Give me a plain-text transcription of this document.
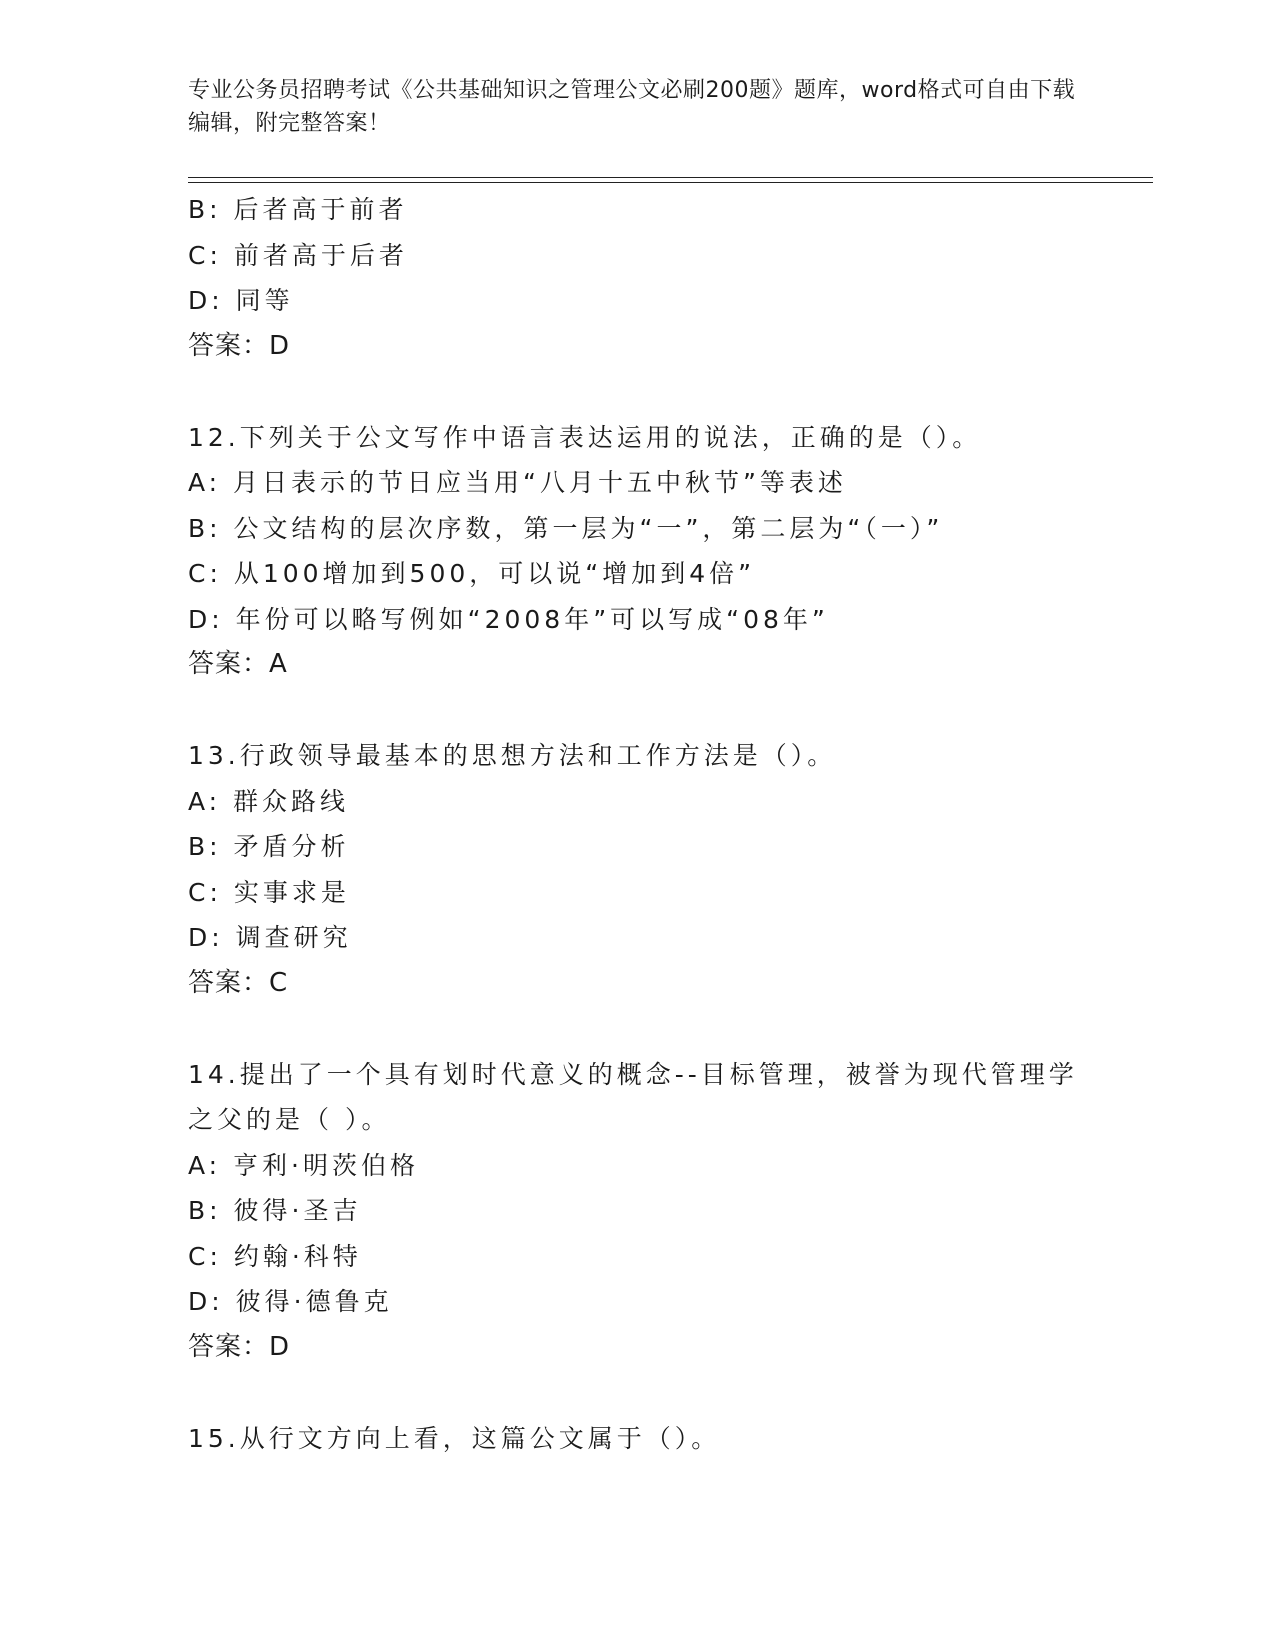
专业公务员招聘考试《公共基础知识之管理公文必刷200题》题库，word格式可自由下载编辑，附完整答案！
B: 后者高于前者
C: 前者高于后者
D: 同等
答案：D
12.下列关于公文写作中语言表达运用的说法，正确的是（）。
A: 月日表示的节日应当用“八月十五中秋节”等表述
B: 公文结构的层次序数，第一层为“一”，第二层为“（一）”
C: 从100增加到500，可以说“增加到4倍”
D: 年份可以略写例如“2008年”可以写成“08年”
答案：A
13.行政领导最基本的思想方法和工作方法是（）。
A: 群众路线
B: 矛盾分析
C: 实事求是
D: 调查研究
答案：C
14.提出了一个具有划时代意义的概念--目标管理，被誉为现代管理学之父的是（ ）。
A: 亨利·明茨伯格
B: 彼得·圣吉
C: 约翰·科特
D: 彼得·德鲁克
答案：D
15.从行文方向上看，这篇公文属于（）。
